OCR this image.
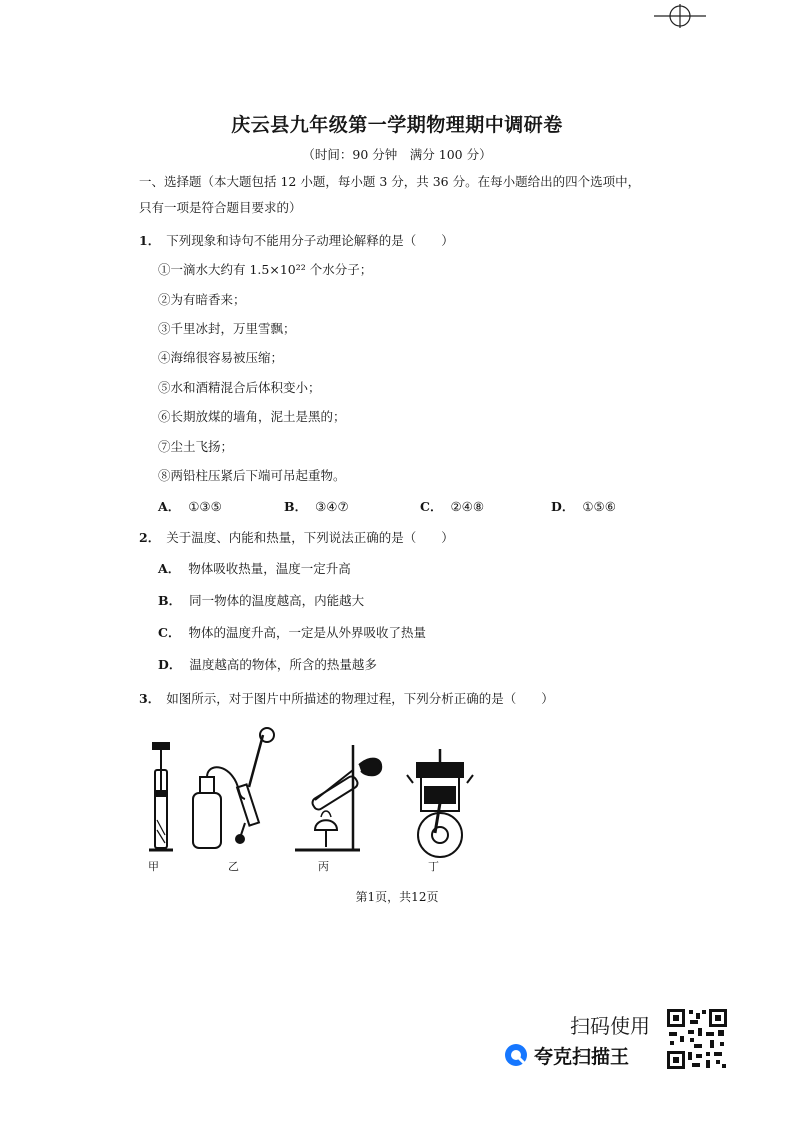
庆云县九年级第一学期物理期中调研卷
（时间：90 分钟　满分 100 分）
一、选择题（本大题包括 12 小题，每小题 3 分，共 36 分。在每小题给出的四个选项中，
只有一项是符合题目要求的）
1． 下列现象和诗句不能用分子动理论解释的是（　　）
①一滴水大约有 1.5×10²² 个水分子；
②为有暗香来；
③千里冰封，万里雪飘；
④海绵很容易被压缩；
⑤水和酒精混合后体积变小；
⑥长期放煤的墙角，泥土是黑的；
⑦尘土飞扬；
⑧两铅柱压紧后下端可吊起重物。
A． ①③⑤	B． ③④⑦	C． ②④⑧	D． ①⑤⑥
2． 关于温度、内能和热量，下列说法正确的是（　　）
A． 物体吸收热量，温度一定升高
B． 同一物体的温度越高，内能越大
C． 物体的温度升高，一定是从外界吸收了热量
D． 温度越高的物体，所含的热量越多
3． 如图所示，对于图片中所描述的物理过程，下列分析正确的是（　　）
甲	乙	丙	丁
第1页，共12页
扫码使用
夸克扫描王
